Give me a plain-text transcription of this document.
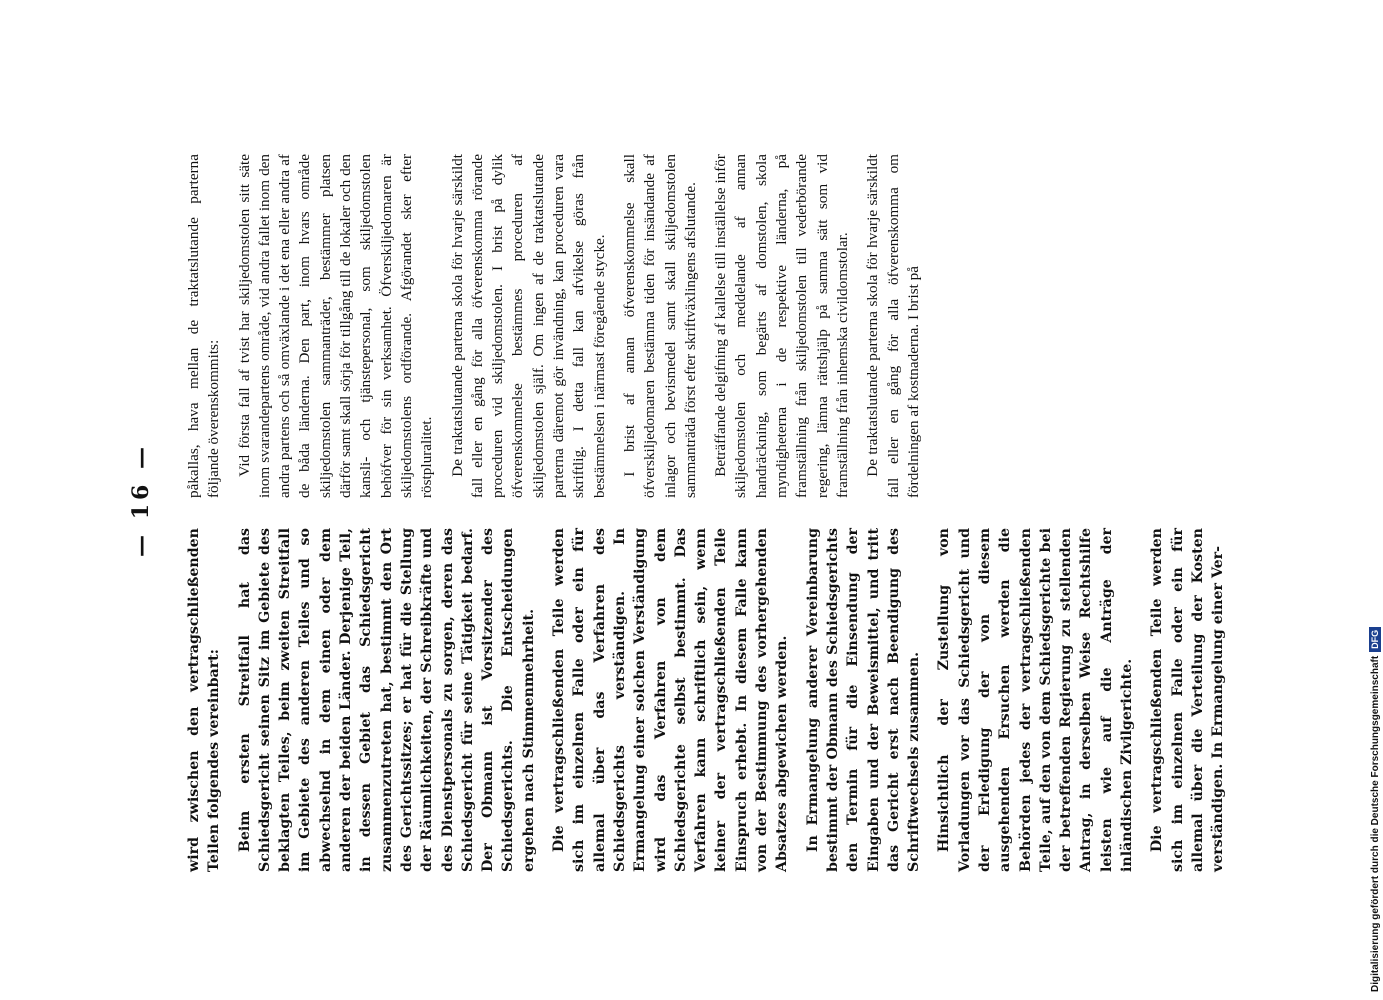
— 16 —

wird zwischen den vertragschließenden Teilen folgendes vereinbart: Beim ersten Streitfall hat das Schiedsgericht seinen Sitz im Gebiete des beklagten Teiles, beim zweiten Streitfall im Gebiete des anderen Teiles und so abwechselnd in dem einen oder dem anderen der beiden Länder. Derjenige Teil, in dessen Gebiet das Schiedsgericht zusammenzutreten hat, bestimmt den Ort des Gerichtssitzes; er hat für die Stellung der Räumlichkeiten, der Schreibkräfte und des Dienstpersonals zu sorgen, deren das Schiedsgericht für seine Tätigkeit bedarf. Der Obmann ist Vorsitzender des Schiedsgerichts. Die Entscheidungen ergehen nach Stimmenmehrheit. Die vertragschließenden Teile werden sich im einzelnen Falle oder ein für allemal über das Verfahren des Schiedsgerichts verständigen. In Ermangelung einer solchen Verständigung wird das Verfahren von dem Schiedsgerichte selbst bestimmt. Das Verfahren kann schriftlich sein, wenn keiner der vertragschließenden Teile Einspruch erhebt. In diesem Falle kann von der Bestimmung des vorhergehenden Absatzes abgewichen werden. In Ermangelung anderer Vereinbarung bestimmt der Obmann des Schiedsgerichts den Termin für die Einsendung der Eingaben und der Beweismittel, und tritt das Gericht erst nach Beendigung des Schriftwechsels zusammen. Hinsichtlich der Zustellung von Vorladungen vor das Schiedsgericht und der Erledigung der von diesem ausgehenden Ersuchen werden die Behörden jedes der vertragschließenden Teile, auf den von dem Schiedsgerichte bei der betreffenden Regierung zu stellenden Antrag, in derselben Weise Rechtshilfe leisten wie auf die Anträge der inländischen Zivilgerichte. Die vertragschließenden Teile werden sich im einzelnen Falle oder ein für allemal über die Verteilung der Kosten verständigen. In Ermangelung einer Ver-

påkallas, hava mellan de traktatslutande parterna följande överenskommits: Vid första fall af tvist har skiljedomstolen sitt säte inom svarandepartens område, vid andra fallet inom den andra partens och så omväxlande i det ena eller andra af de båda länderna. Den part, inom hvars område skiljedomstolen sammanträder, bestämmer platsen därför samt skall sörja för tillgång till de lokaler och den kansli- och tjänstepersonal, som skiljedomstolen behöfver för sin verksamhet. Öfverskiljedomaren är skiljedomstolens ordförande. Afgörandet sker efter röstpluralitet. De traktatslutande parterna skola för hvarje särskildt fall eller en gång för alla öfverenskomma rörande proceduren vid skiljedomstolen. I brist på dylik öfverenskommelse bestämmes proceduren af skiljedomstolen själf. Om ingen af de traktatslutande parterna däremot gör invändning, kan proceduren vara skriftlig. I detta fall kan afvikelse göras från bestämmelsen i närmast föregående stycke. I brist af annan öfverenskommelse skall öfverskiljedomaren bestämma tiden för insändande af inlagor och bevismedel samt skall skiljedomstolen sammanträda först efter skriftväxlingens afslutande. Beträffande delgifning af kallelse till inställelse inför skiljedomstolen och meddelande af annan handräckning, som begärts af domstolen, skola myndigheterna i de respektive länderna, på framställning från skiljedomstolen till vederbörande regering, lämna rättshjälp på samma sätt som vid framställning från inhemska civildomstolar. De traktatslutande parterna skola för hvarje särskildt fall eller en gång för alla öfverenskomma om fördelningen af kostnaderna. I brist på

Digitalisierung gefördert durch die Deutsche ForschungsgemeinschaftDFG
